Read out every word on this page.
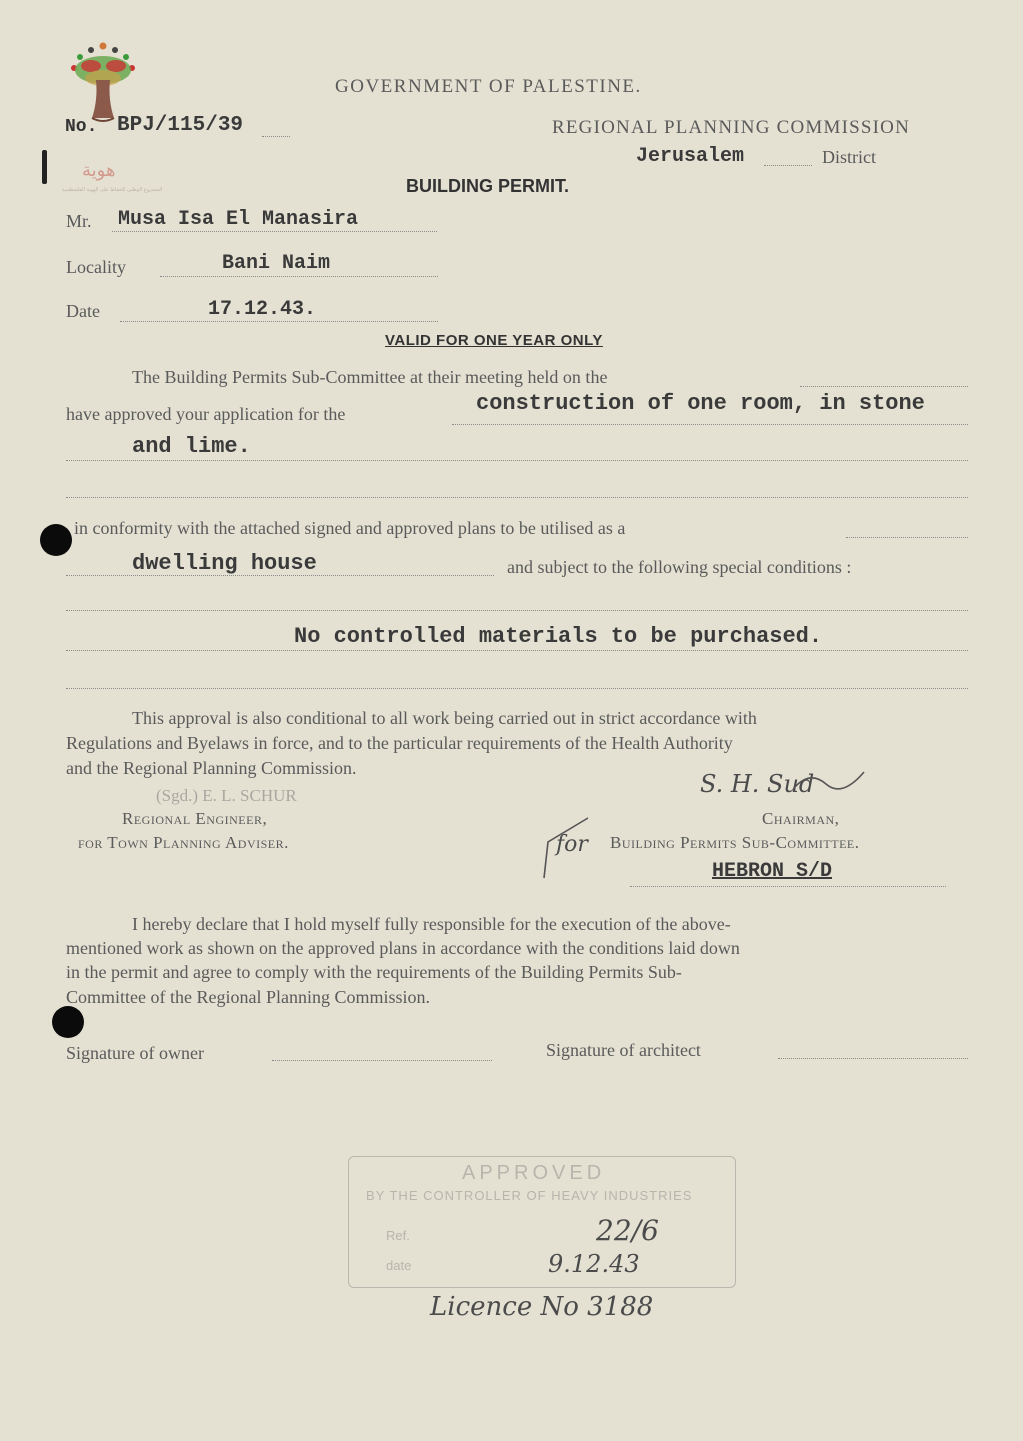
هوية
المشروع الوطني للحفاظ على الهوية الفلسطينية
GOVERNMENT OF PALESTINE.
No. BPJ/115/39	REGIONAL PLANNING COMMISSION
Jerusalem	District
BUILDING PERMIT.
Mr. Musa Isa El Manasira
Locality	Bani Naim
Date	17.12.43.
VALID FOR ONE YEAR ONLY
The Building Permits Sub-Committee at their meeting held on the
have approved your application for the	construction of one room, in stone
and lime.
in conformity with the attached signed and approved plans to be utilised as a
dwelling house	and subject to the following special conditions :
No controlled materials to be purchased.
This approval is also conditional to all work being carried out in strict accordance with
Regulations and Byelaws in force, and to the particular requirements of the Health Authority
and the Regional Planning Commission.
(Sgd.) E. L. SCHUR
Regional Engineer,
for Town Planning Adviser.
S. H. Sud
Chairman,
Building Permits Sub-Committee.
for
HEBRON S/D
I hereby declare that I hold myself fully responsible for the execution of the above-
mentioned work as shown on the approved plans in accordance with the conditions laid down
in the permit and agree to comply with the requirements of the Building Permits Sub-
Committee of the Regional Planning Commission.
Signature of owner	Signature of architect
APPROVED
BY THE CONTROLLER OF HEAVY INDUSTRIES
Ref.	22/6
date	9.12.43
Licence No 3188
